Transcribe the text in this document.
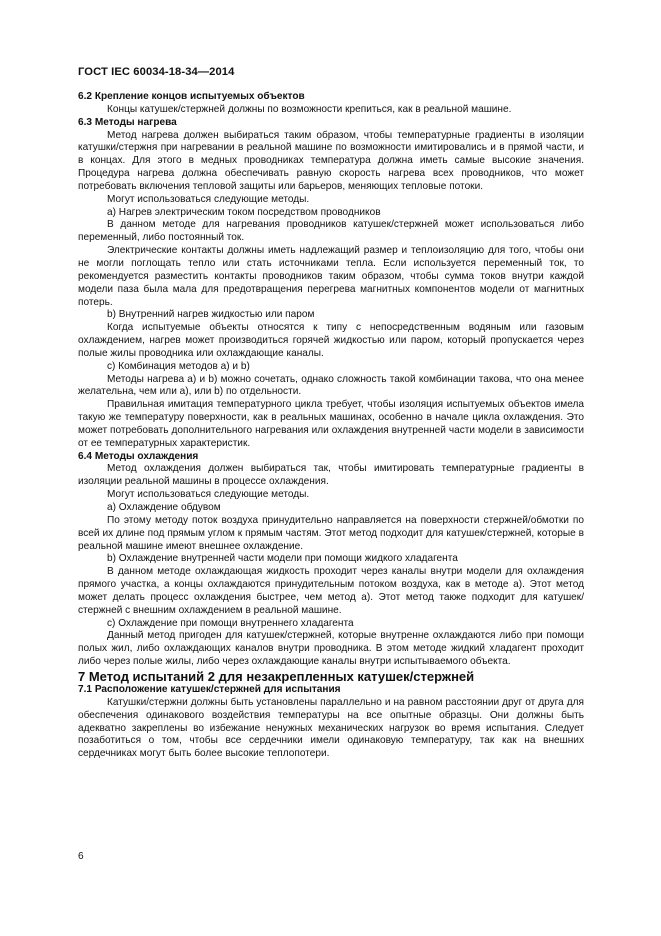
ГОСТ IEC 60034-18-34—2014

6.2 Крепление концов испытуемых объектов

Концы катушек/стержней должны по возможности крепиться, как в реальной машине.

6.3 Методы нагрева

Метод нагрева должен выбираться таким образом, чтобы температурные градиенты в изоляции катушки/стержня при нагревании в реальной машине по возможности имитировались и в прямой части, и в концах. Для этого в медных проводниках температура должна иметь самые высокие значения. Процедура нагрева должна обеспечивать равную скорость нагрева всех проводников, что может потребовать включения тепловой защиты или барьеров, меняющих тепловые потоки.

Могут использоваться следующие методы.

а) Нагрев электрическим током посредством проводников

В данном методе для нагревания проводников катушек/стержней может использоваться либо переменный, либо постоянный ток.

Электрические контакты должны иметь надлежащий размер и теплоизоляцию для того, чтобы они не могли поглощать тепло или стать источниками тепла. Если используется переменный ток, то рекомендуется разместить контакты проводников таким образом, чтобы сумма токов внутри каждой модели паза была мала для предотвращения перегрева магнитных компонентов модели от магнитных потерь.

b) Внутренний нагрев жидкостью или паром

Когда испытуемые объекты относятся к типу с непосредственным водяным или газовым охлаждением, нагрев может производиться горячей жидкостью или паром, который пропускается через полые жилы проводника или охлаждающие каналы.

с) Комбинация методов а) и b)

Методы нагрева а) и b) можно сочетать, однако сложность такой комбинации такова, что она менее желательна, чем или а), или b) по отдельности.

Правильная имитация температурного цикла требует, чтобы изоляция испытуемых объектов имела такую же температуру поверхности, как в реальных машинах, особенно в начале цикла охлаждения. Это может потребовать дополнительного нагревания или охлаждения внутренней части модели в зависимости от ее температурных характеристик.

6.4 Методы охлаждения

Метод охлаждения должен выбираться так, чтобы имитировать температурные градиенты в изоляции реальной машины в процессе охлаждения.

Могут использоваться следующие методы.

а) Охлаждение обдувом

По этому методу поток воздуха принудительно направляется на поверхности стержней/обмотки по всей их длине под прямым углом к прямым частям. Этот метод подходит для катушек/стержней, которые в реальной машине имеют внешнее охлаждение.

b) Охлаждение внутренней части модели при помощи жидкого хладагента

В данном методе охлаждающая жидкость проходит через каналы внутри модели для охлаждения прямого участка, а концы охлаждаются принудительным потоком воздуха, как в методе а). Этот метод может делать процесс охлаждения быстрее, чем метод а). Этот метод также подходит для катушек/стержней с внешним охлаждением в реальной машине.

с) Охлаждение при помощи внутреннего хладагента

Данный метод пригоден для катушек/стержней, которые внутренне охлаждаются либо при помощи полых жил, либо охлаждающих каналов внутри проводника. В этом методе жидкий хладагент проходит либо через полые жилы, либо через охлаждающие каналы внутри испытываемого объекта.

7 Метод испытаний 2 для незакрепленных катушек/стержней

7.1 Расположение катушек/стержней для испытания

Катушки/стержни должны быть установлены параллельно и на равном расстоянии друг от друга для обеспечения одинакового воздействия температуры на все опытные образцы. Они должны быть адекватно закреплены во избежание ненужных механических нагрузок во время испытания. Следует позаботиться о том, чтобы все сердечники имели одинаковую температуру, так как на внешних сердечниках могут быть более высокие теплопотери.

6
